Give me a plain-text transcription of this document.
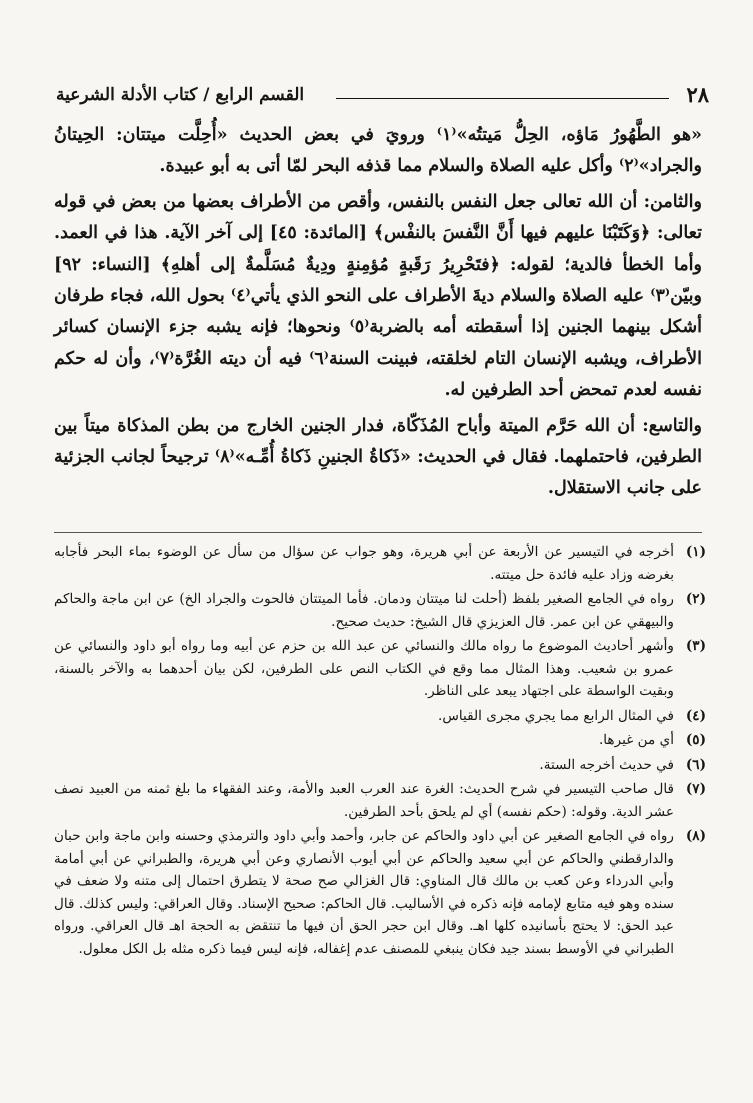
٢٨
القسم الرابع / كتاب الأدلة الشرعية

«هو الطَّهُورُ مَاؤه، الحِلُّ مَيتتُه»⁽١⁾ ورويَ في بعض الحديث «أُحِلَّت ميتتان: الحِيتانُ والجراد»⁽٢⁾ وأكل عليه الصلاة والسلام مما قذفه البحر لمّا أتى به أبو عبيدة.

والثامن: أن الله تعالى جعل النفس بالنفس، وأقص من الأطراف بعضها من بعض في قوله تعالى: ﴿وَكَتَبْنَا عليهم فيها أَنَّ النَّفسَ بالنفْس﴾ [المائدة: ٤٥] إلى آخر الآية. هذا في العمد. وأما الخطأ فالدية؛ لقوله: ﴿فتَحْرِيرُ رَقَبةٍ مُؤمِنةٍ ودِيةٌ مُسَلَّمةٌ إلى أهلهِ﴾ [النساء: ٩٢] وبيّن⁽٣⁾ عليه الصلاة والسلام ديةَ الأطراف على النحو الذي يأتي⁽٤⁾ بحول الله، فجاء طرفان أشكل بينهما الجنين إذا أسقطته أمه بالضربة⁽٥⁾ ونحوها؛ فإنه يشبه جزء الإنسان كسائر الأطراف، ويشبه الإنسان التام لخلقته، فبينت السنة⁽٦⁾ فيه أن ديته الغُرَّة⁽٧⁾، وأن له حكم نفسه لعدم تمحض أحد الطرفين له.

والتاسع: أن الله حَرَّم الميتة وأباح المُذَكّاة، فدار الجنين الخارج من بطن المذكاة ميتاً بين الطرفين، فاحتملهما. فقال في الحديث: «ذَكاةُ الجنينِ ذَكاةُ أُمِّـه»⁽٨⁾ ترجيحاً لجانب الجزئية على جانب الاستقلال.

(١)
أخرجه في التيسير عن الأربعة عن أبي هريرة، وهو جواب عن سؤال من سأل عن الوضوء بماء البحر فأجابه بغرضه وزاد عليه فائدة حل ميتته.
(٢)
رواه في الجامع الصغير بلفظ (أحلت لنا ميتتان ودمان. فأما الميتتان فالحوت والجراد الخ) عن ابن ماجة والحاكم والبيهقي عن ابن عمر. قال العزيزي قال الشيخ: حديث صحيح.
(٣)
وأشهر أحاديث الموضوع ما رواه مالك والنسائي عن عبد الله بن حزم عن أبيه وما رواه أبو داود والنسائي عن عمرو بن شعيب. وهذا المثال مما وقع في الكتاب النص على الطرفين، لكن بيان أحدهما به والآخر بالسنة، وبقيت الواسطة على اجتهاد يبعد على الناظر.
(٤)
في المثال الرابع مما يجري مجرى القياس.
(٥)
أي من غيرها.
(٦)
في حديث أخرجه الستة.
(٧)
قال صاحب التيسير في شرح الحديث: الغرة عند العرب العبد والأمة، وعند الفقهاء ما بلغ ثمنه من العبيد نصف عشر الدية. وقوله: (حكم نفسه) أي لم يلحق بأحد الطرفين.
(٨)
رواه في الجامع الصغير عن أبي داود والحاكم عن جابر، وأحمد وأبي داود والترمذي وحسنه وابن ماجة وابن حبان والدارقطني والحاكم عن أبي سعيد والحاكم عن أبي أيوب الأنصاري وعن أبي هريرة، والطبراني عن أبي أمامة وأبي الدرداء وعن كعب بن مالك قال المناوي: قال الغزالي صح صحة لا يتطرق احتمال إلى متنه ولا ضعف في سنده وهو فيه متابع لإمامه فإنه ذكره في الأساليب. قال الحاكم: صحيح الإسناد. وقال العراقي: وليس كذلك. قال عبد الحق: لا يحتج بأسانيده كلها اهـ. وقال ابن حجر الحق أن فيها ما تنتقض به الحجة اهـ قال العراقي. ورواه الطبراني في الأوسط بسند جيد فكان ينبغي للمصنف عدم إغفاله، فإنه ليس فيما ذكره مثله بل الكل معلول.
